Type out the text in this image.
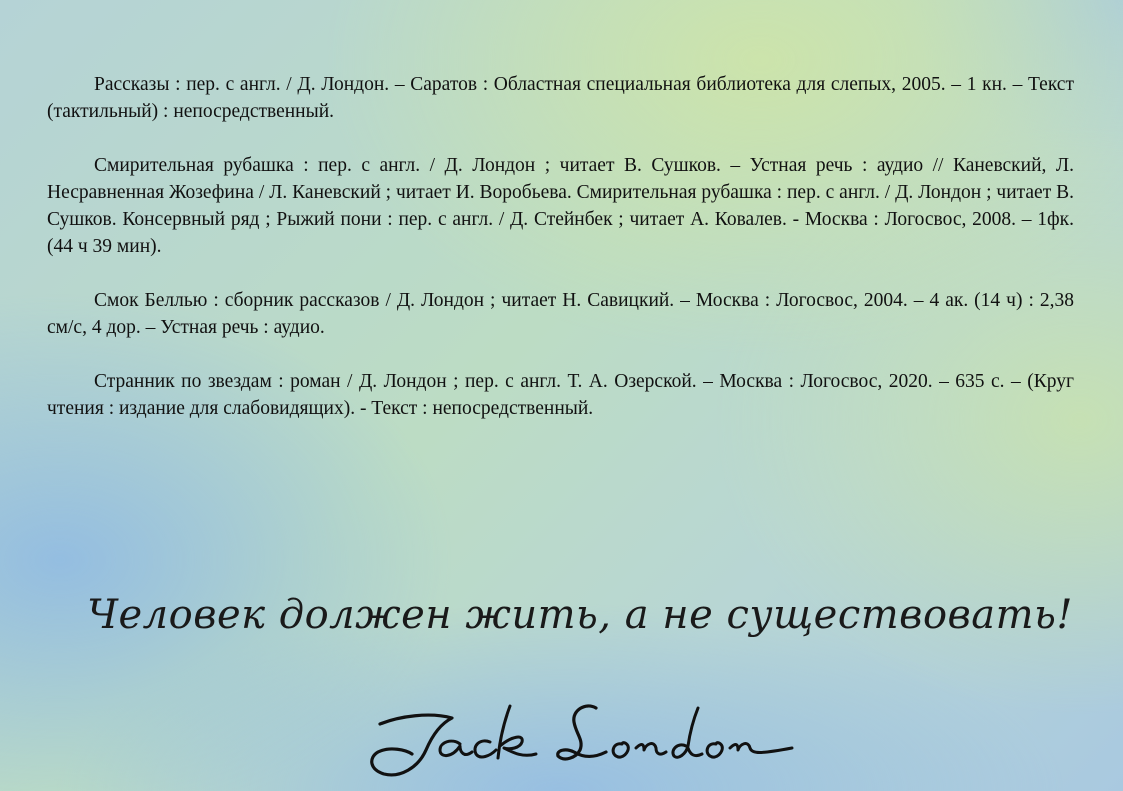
Рассказы : пер. с англ. / Д. Лондон. – Саратов : Областная специальная библиотека для слепых, 2005. – 1 кн. – Текст (тактильный) : непосредственный.

Смирительная рубашка : пер. с англ. / Д. Лондон ; читает В. Сушков. – Устная речь : аудио // Каневский, Л. Несравненная Жозефина / Л. Каневский ; читает И. Воробьева. Смирительная рубашка : пер. с англ. / Д. Лондон ; читает В. Сушков. Консервный ряд ; Рыжий пони : пер. с англ. / Д. Стейнбек ; читает А. Ковалев. - Москва : Логосвос, 2008. – 1фк. (44 ч 39 мин).

Смок Беллью : сборник рассказов / Д. Лондон ; читает Н. Савицкий. – Москва : Логосвос, 2004. – 4 ак. (14 ч) : 2,38 см/с, 4 дор. – Устная речь : аудио.

Странник по звездам : роман / Д. Лондон ; пер. с англ. Т. А. Озерской. – Москва : Логосвос, 2020. – 635 с. – (Круг чтения : издание для слабовидящих). - Текст : непосредственный.

Человек должен жить, а не существовать!
